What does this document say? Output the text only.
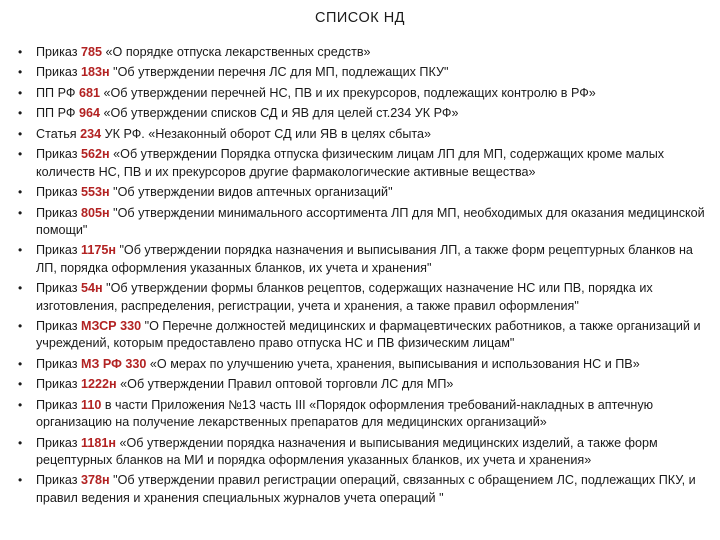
СПИСОК НД
• Приказ 785 «О порядке отпуска лекарственных средств»
• Приказ 183н "Об утверждении перечня ЛС для МП, подлежащих ПКУ"
• ПП РФ 681 «Об утверждении перечней НС, ПВ и их прекурсоров, подлежащих контролю в РФ»
• ПП РФ 964 «Об утверждении списков СД и ЯВ для целей ст.234 УК РФ»
• Статья 234 УК РФ. «Незаконный оборот СД или ЯВ в целях сбыта»
• Приказ 562н «Об утверждении Порядка отпуска физическим лицам ЛП для МП, содержащих кроме малых количеств НС, ПВ и их прекурсоров другие фармакологические активные вещества»
• Приказ 553н "Об утверждении видов аптечных организаций"
• Приказ 805н "Об утверждении минимального ассортимента ЛП для МП, необходимых для оказания медицинской помощи"
• Приказ 1175н "Об утверждении порядка назначения и выписывания ЛП, а также форм рецептурных бланков на ЛП, порядка оформления указанных бланков, их учета и хранения"
• Приказ 54н "Об утверждении формы бланков рецептов, содержащих назначение НС или ПВ, порядка их изготовления, распределения, регистрации, учета и хранения, а также правил оформления"
• Приказ МЗСР 330 "О Перечне должностей медицинских и фармацевтических работников, а также организаций и учреждений, которым предоставлено право отпуска НС и ПВ физическим лицам"
• Приказ МЗ РФ 330 «О мерах по улучшению учета, хранения, выписывания и использования НС и ПВ»
• Приказ 1222н «Об утверждении Правил оптовой торговли ЛС для МП»
• Приказ 110 в части Приложения №13 часть III «Порядок оформления требований-накладных в аптечную организацию на получение лекарственных препаратов для медицинских организаций»
• Приказ 1181н «Об утверждении порядка назначения и выписывания медицинских изделий, а также форм рецептурных бланков на МИ и порядка оформления указанных бланков, их учета и хранения»
• Приказ 378н "Об утверждении правил регистрации операций, связанных с обращением ЛС, подлежащих ПКУ, и правил ведения и хранения специальных журналов учета операций "
